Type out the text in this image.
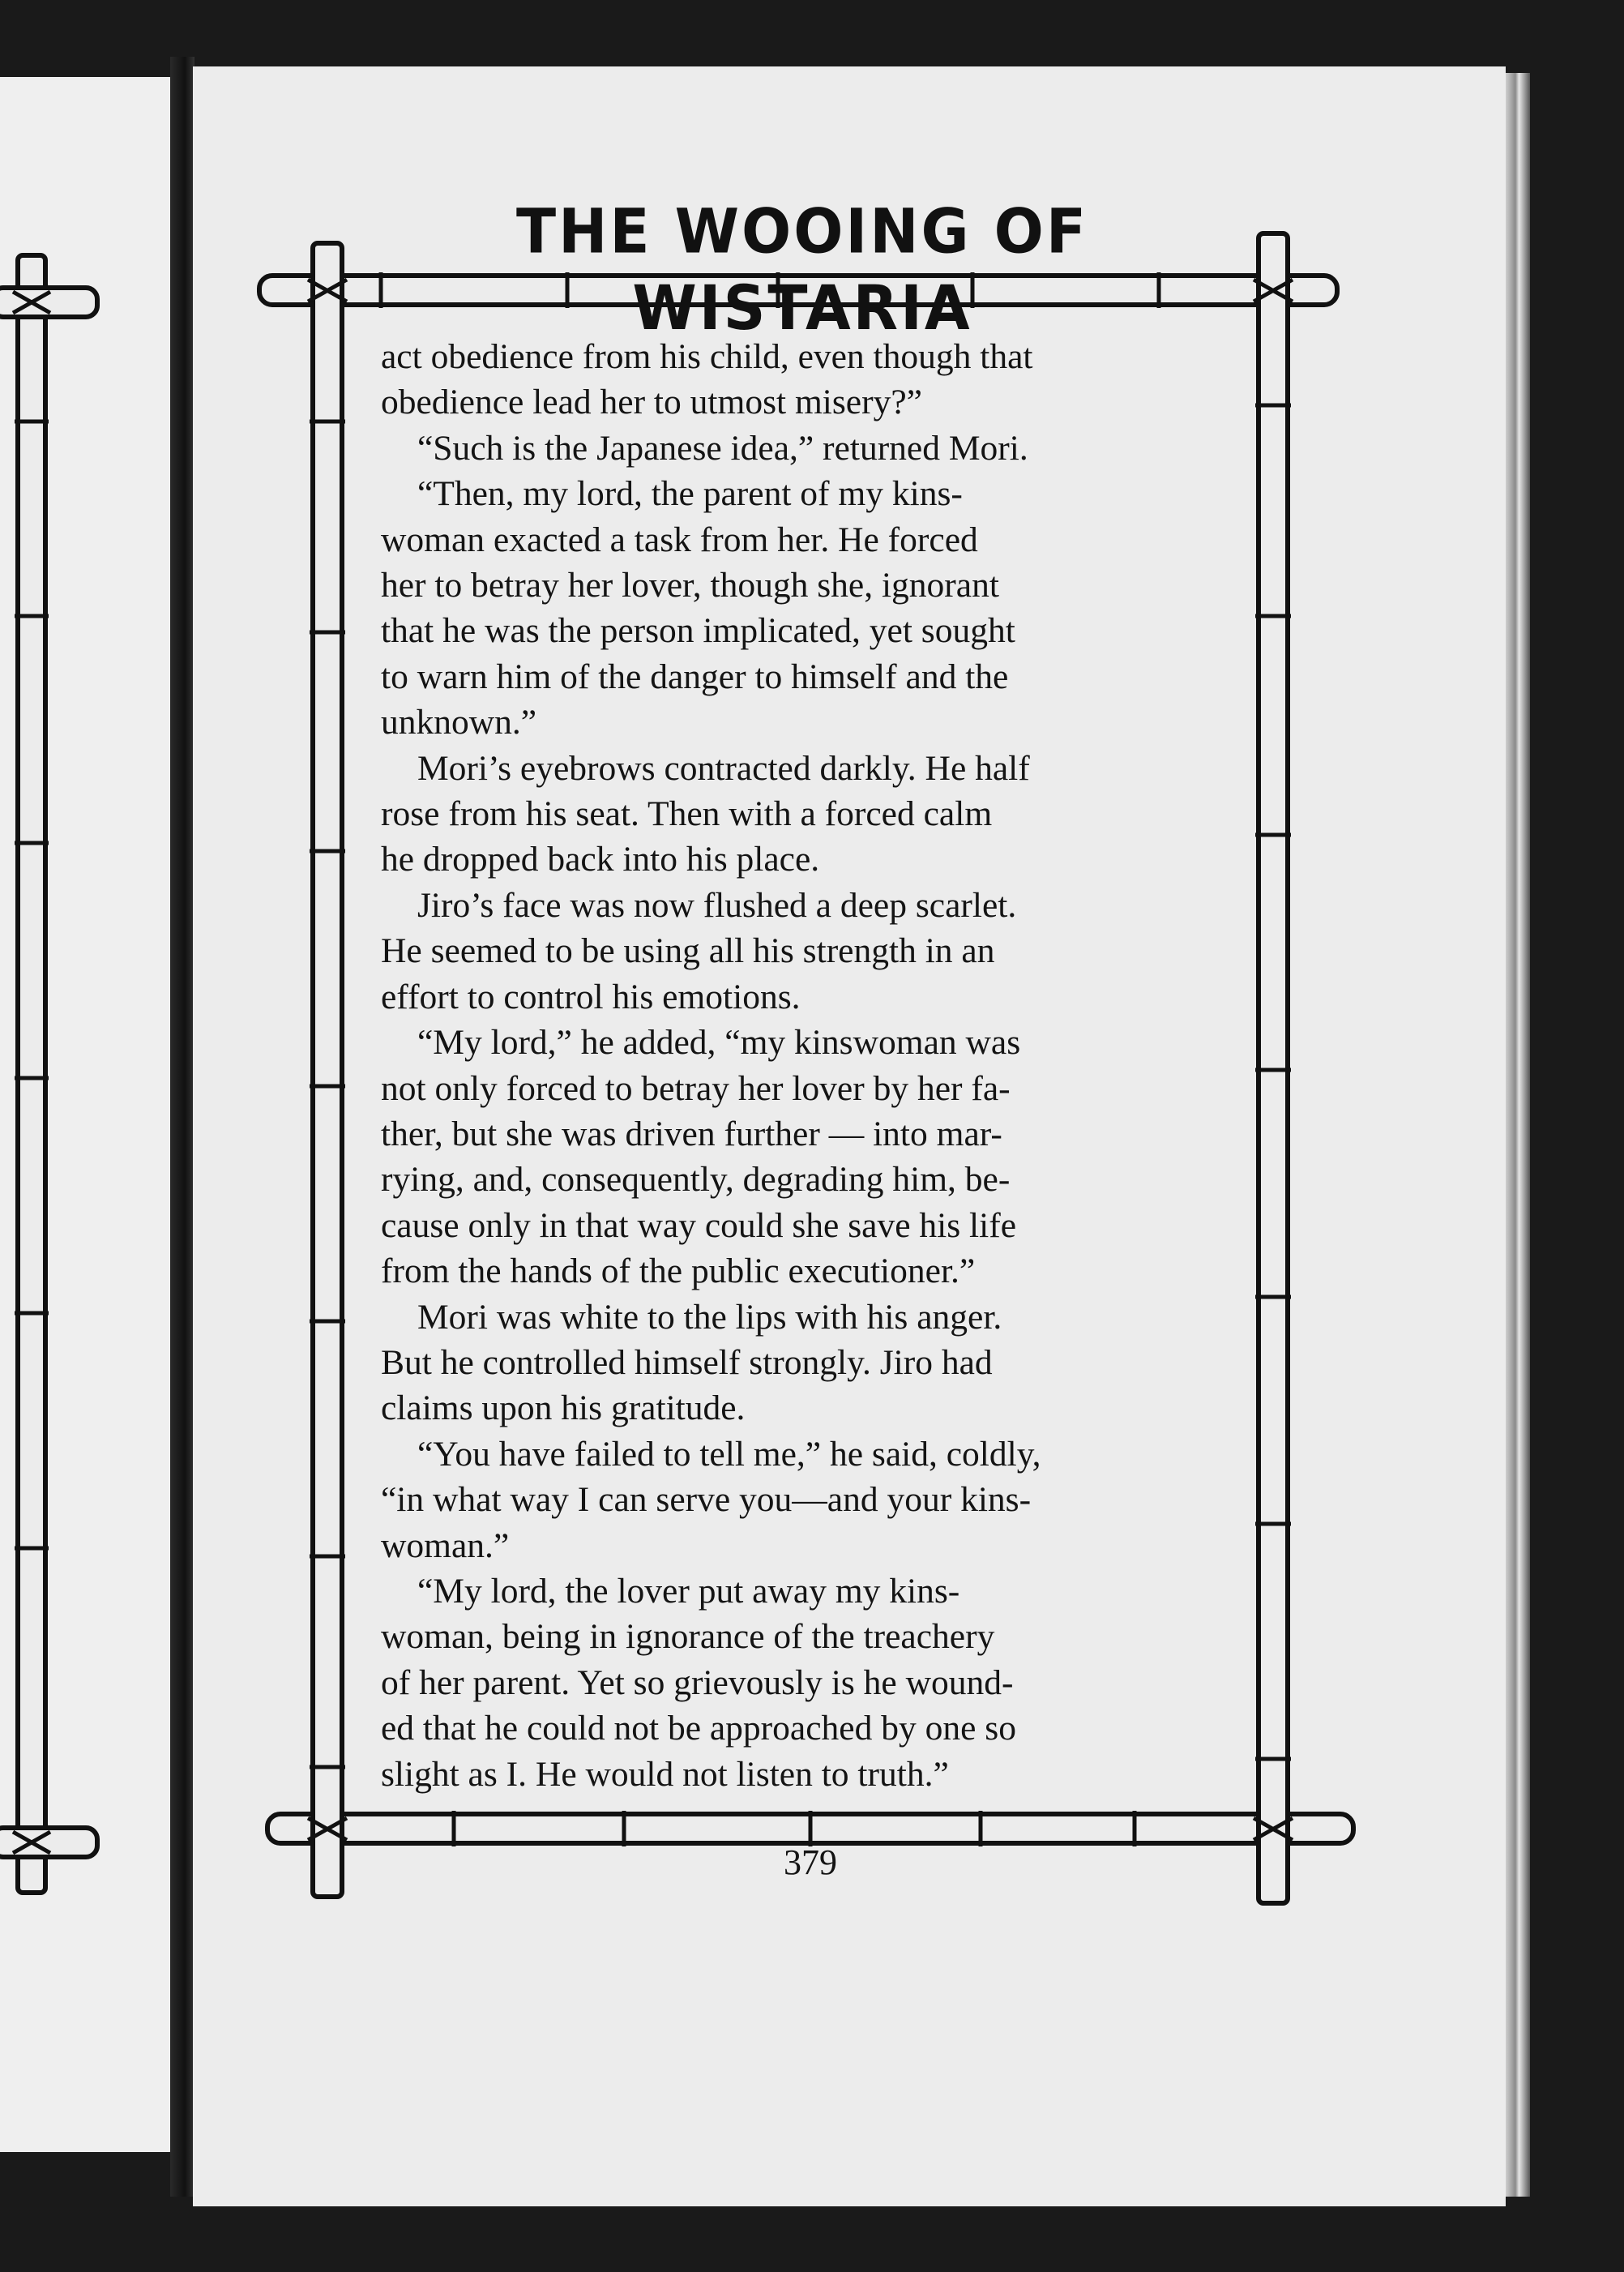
THE WOOING OF WISTARIA

act obedience from his child, even though that
obedience lead her to utmost misery?”

“Such is the Japanese idea,” returned Mori.

“Then, my lord, the parent of my kins-
woman exacted a task from her. He forced
her to betray her lover, though she, ignorant
that he was the person implicated, yet sought
to warn him of the danger to himself and the
unknown.”

Mori’s eyebrows contracted darkly. He half
rose from his seat. Then with a forced calm
he dropped back into his place.

Jiro’s face was now flushed a deep scarlet.
He seemed to be using all his strength in an
effort to control his emotions.

“My lord,” he added, “my kinswoman was
not only forced to betray her lover by her fa-
ther, but she was driven further — into mar-
rying, and, consequently, degrading him, be-
cause only in that way could she save his life
from the hands of the public executioner.”

Mori was white to the lips with his anger.
But he controlled himself strongly. Jiro had
claims upon his gratitude.

“You have failed to tell me,” he said, coldly,
“in what way I can serve you—and your kins-
woman.”

“My lord, the lover put away my kins-
woman, being in ignorance of the treachery
of her parent. Yet so grievously is he wound-
ed that he could not be approached by one so
slight as I. He would not listen to truth.”

379
